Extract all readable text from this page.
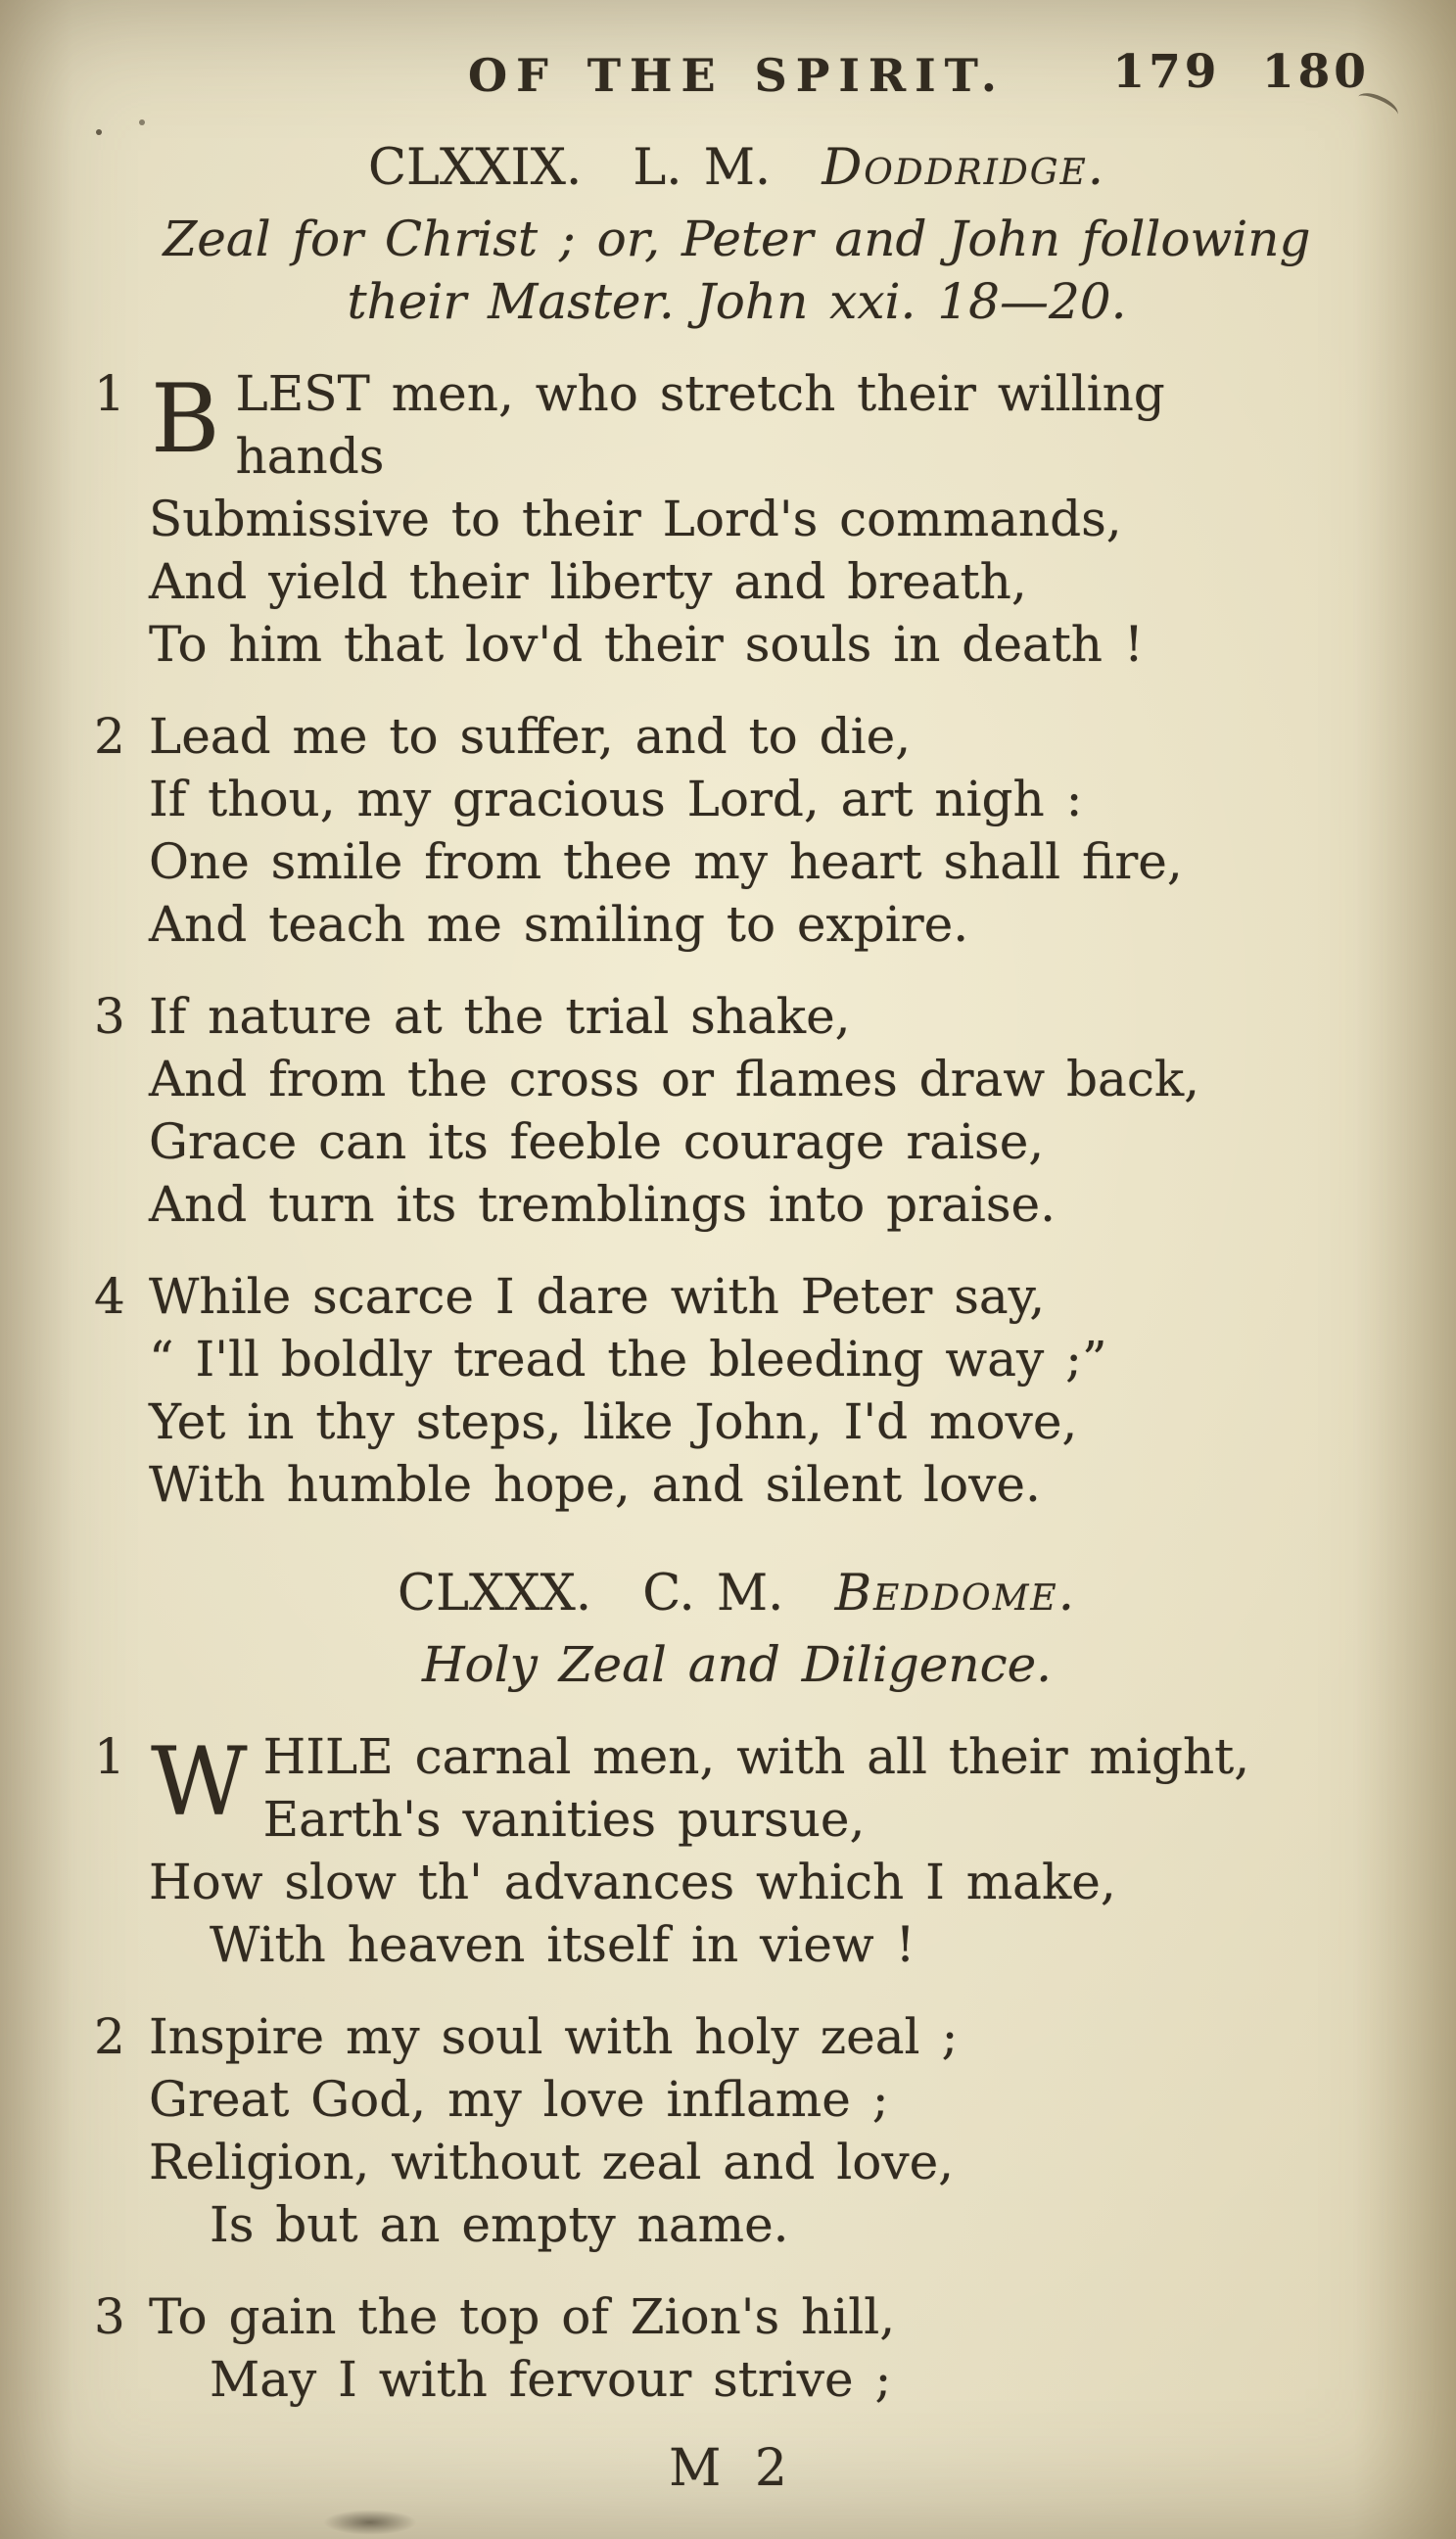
OF THE SPIRIT. 179 180
CLXXIX. L. M. Doddridge.
Zeal for Christ ; or, Peter and John following
their Master. John xxi. 18—20.
1 B LEST men, who stretch their willing
hands
Submissive to their Lord's commands,
And yield their liberty and breath,
To him that lov'd their souls in death !
2 Lead me to suffer, and to die,
If thou, my gracious Lord, art nigh :
One smile from thee my heart shall fire,
And teach me smiling to expire.
3 If nature at the trial shake,
And from the cross or flames draw back,
Grace can its feeble courage raise,
And turn its tremblings into praise.
4 While scarce I dare with Peter say,
“ I'll boldly tread the bleeding way ;”
Yet in thy steps, like John, I'd move,
With humble hope, and silent love.
CLXXX. C. M. Beddome.
Holy Zeal and Diligence.
1 W HILE carnal men, with all their might,
Earth's vanities pursue,
How slow th' advances which I make,
With heaven itself in view !
2 Inspire my soul with holy zeal ;
Great God, my love inflame ;
Religion, without zeal and love,
Is but an empty name.
3 To gain the top of Zion's hill,
May I with fervour strive ;
M 2
